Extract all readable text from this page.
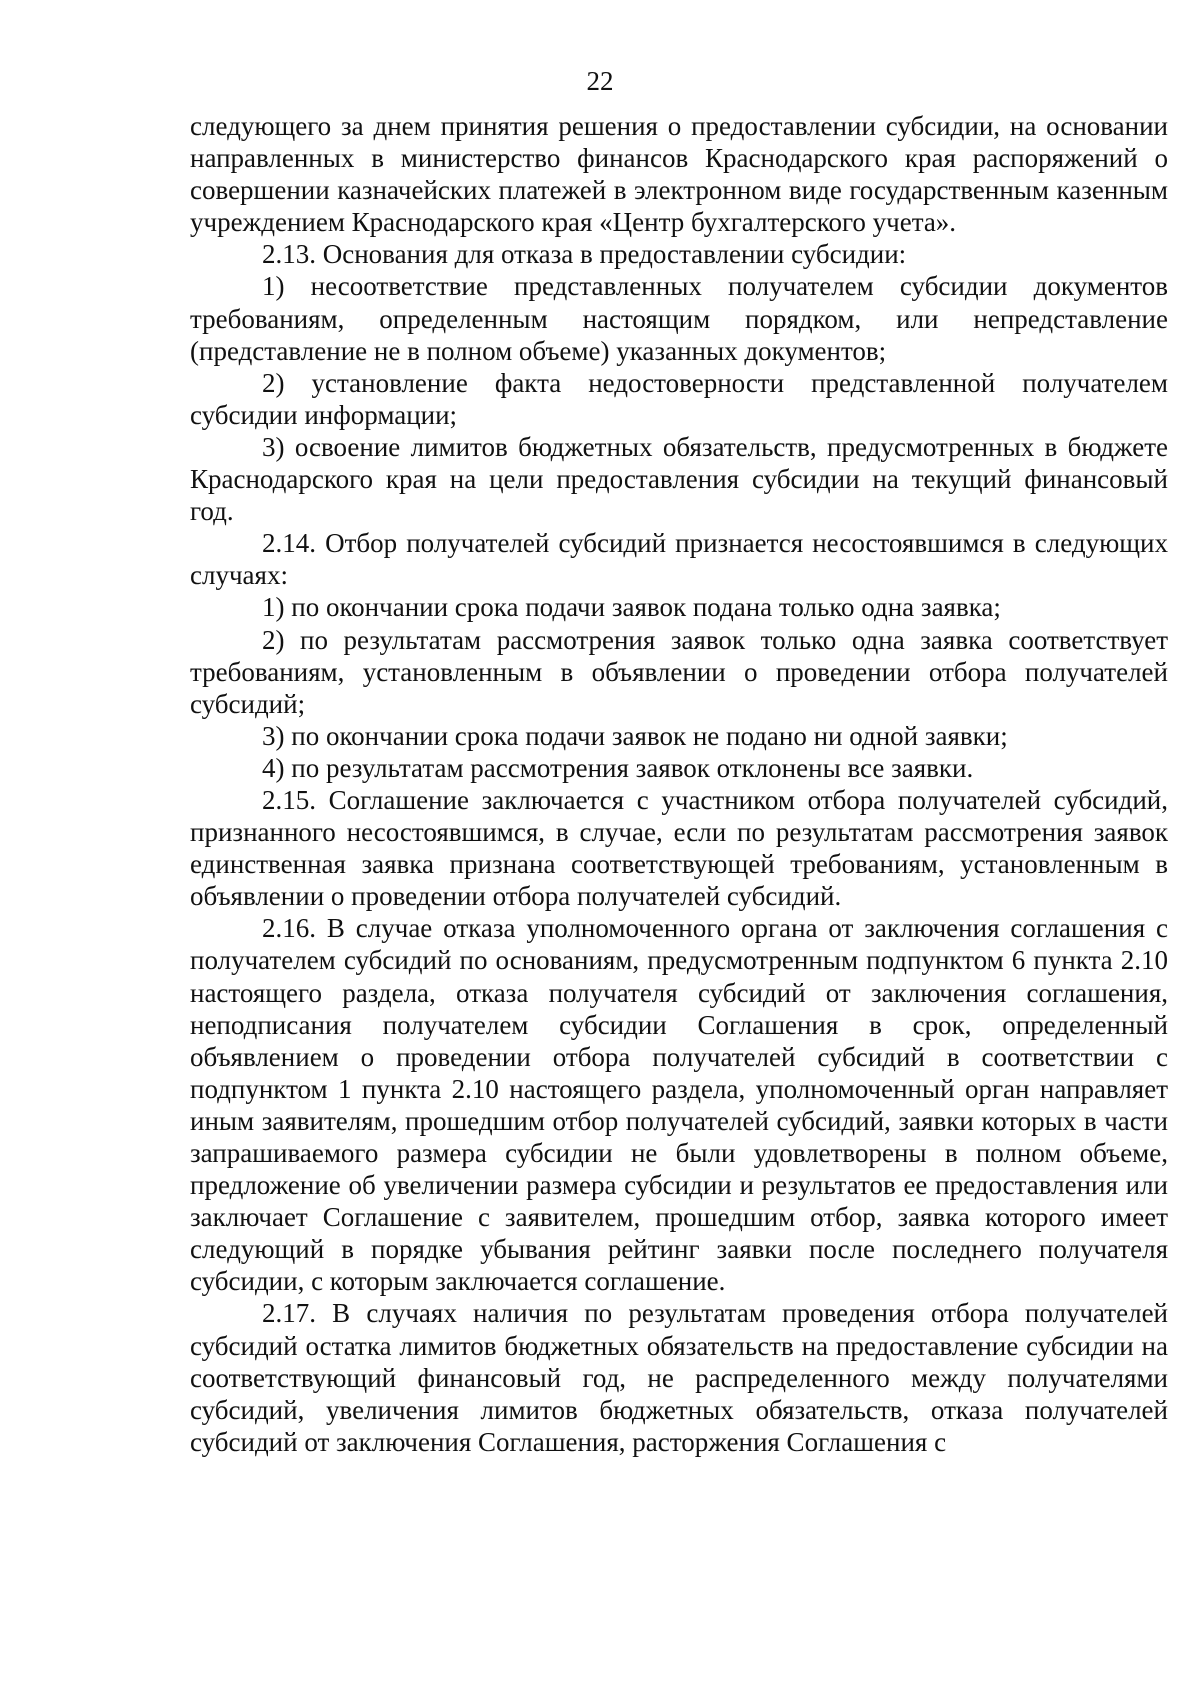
22

следующего за днем принятия решения о предоставлении субсидии, на основании направленных в министерство финансов Краснодарского края распоряжений о совершении казначейских платежей в электронном виде государственным казенным учреждением Краснодарского края «Центр бухгалтерского учета».

2.13. Основания для отказа в предоставлении субсидии:

1) несоответствие представленных получателем субсидии документов требованиям, определенным настоящим порядком, или непредставление (представление не в полном объеме) указанных документов;

2) установление факта недостоверности представленной получателем субсидии информации;

3) освоение лимитов бюджетных обязательств, предусмотренных в бюджете Краснодарского края на цели предоставления субсидии на текущий финансовый год.

2.14. Отбор получателей субсидий признается несостоявшимся в следующих случаях:

1) по окончании срока подачи заявок подана только одна заявка;

2) по результатам рассмотрения заявок только одна заявка соответствует требованиям, установленным в объявлении о проведении отбора получателей субсидий;

3) по окончании срока подачи заявок не подано ни одной заявки;

4) по результатам рассмотрения заявок отклонены все заявки.

2.15. Соглашение заключается с участником отбора получателей субсидий, признанного несостоявшимся, в случае, если по результатам рассмотрения заявок единственная заявка признана соответствующей требованиям, установленным в объявлении о проведении отбора получателей субсидий.

2.16. В случае отказа уполномоченного органа от заключения соглашения с получателем субсидий по основаниям, предусмотренным подпунктом 6 пункта 2.10 настоящего раздела, отказа получателя субсидий от заключения соглашения, неподписания получателем субсидии Соглашения в срок, определенный объявлением о проведении отбора получателей субсидий в соответствии с подпунктом 1 пункта 2.10 настоящего раздела, уполномоченный орган направляет иным заявителям, прошедшим отбор получателей субсидий, заявки которых в части запрашиваемого размера субсидии не были удовлетворены в полном объеме, предложение об увеличении размера субсидии и результатов ее предоставления или заключает Соглашение с заявителем, прошедшим отбор, заявка которого имеет следующий в порядке убывания рейтинг заявки после последнего получателя субсидии, с которым заключается соглашение.

2.17. В случаях наличия по результатам проведения отбора получателей субсидий остатка лимитов бюджетных обязательств на предоставление субсидии на соответствующий финансовый год, не распределенного между получателями субсидий, увеличения лимитов бюджетных обязательств, отказа получателей субсидий от заключения Соглашения, расторжения Соглашения с
